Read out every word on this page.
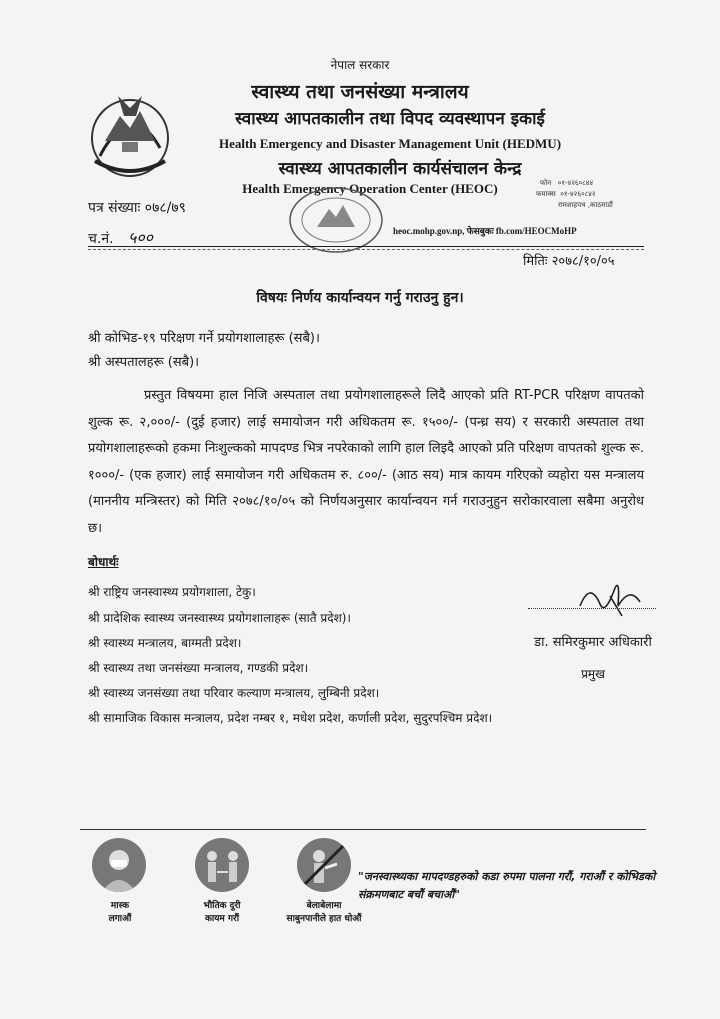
नेपाल सरकार
स्वास्थ्य तथा जनसंख्या मन्त्रालय
स्वास्थ्य आपतकालीन तथा विपद व्यवस्थापन इकाई
Health Emergency and Disaster Management Unit (HEDMU)
स्वास्थ्य आपतकालीन कार्यसंचालन केन्द्र
Health Emergency Operation Center (HEOC)	फोन ०१-४२६०८४४
फयाक्स ०१-४२६०८४२
रामशाहपथ ,काठमाडौं
पत्र संख्याः ०७८/७९
च.नं. ५००	heoc.mohp.gov.np, फेसबुकः fb.com/HEOCMoHP
मितिः २०७८/१०/०५
विषयः निर्णय कार्यान्वयन गर्नु गराउनु हुन।
श्री कोभिड-१९ परिक्षण गर्ने प्रयोगशालाहरू (सबै)।
श्री अस्पतालहरू (सबै)।
प्रस्तुत विषयमा हाल निजि अस्पताल तथा प्रयोगशालाहरूले लिदै आएको प्रति RT-PCR परिक्षण वापतको शुल्क रू. २,०००/- (दुई हजार) लाई समायोजन गरी अधिकतम रू. १५००/- (पन्ध्र सय) र सरकारी अस्पताल तथा प्रयोगशालाहरूको हकमा निःशुल्कको मापदण्ड भित्र नपरेकाको लागि हाल लिइदै आएको प्रति परिक्षण वापतको शुल्क रू. १०००/- (एक हजार) लाई समायोजन गरी अधिकतम रु. ८००/- (आठ सय) मात्र कायम गरिएको व्यहोरा यस मन्त्रालय (माननीय मन्त्रिस्तर) को मिति २०७८/१०/०५ को निर्णयअनुसार कार्यान्वयन गर्न गराउनुहुन सरोकारवाला सबैमा अनुरोध छ।
बोधार्थः
श्री राष्ट्रिय जनस्वास्थ्य प्रयोगशाला, टेकु।
श्री प्रादेशिक स्वास्थ्य जनस्वास्थ्य प्रयोगशालाहरू (सातै प्रदेश)।
श्री स्वास्थ्य मन्त्रालय, बाग्मती प्रदेश।
श्री स्वास्थ्य तथा जनसंख्या मन्त्रालय, गण्डकी प्रदेश।
श्री स्वास्थ्य जनसंख्या तथा परिवार कल्याण मन्त्रालय, लुम्बिनी प्रदेश।
श्री सामाजिक विकास मन्त्रालय, प्रदेश नम्बर १, मधेश प्रदेश, कर्णाली प्रदेश, सुदुरपश्चिम प्रदेश।
डा. समिरकुमार अधिकारी
प्रमुख
मास्क
लगाऔं
भौतिक दुरी
कायम गरौं
बेलाबेलामा
साबुनपानीले हात धोऔं
"जनस्वास्थ्यका मापदण्डहरुको कडा रुपमा पालना गरौं, गराऔं र कोभिडको संक्रमणबाट बचौं बचाऔं"
